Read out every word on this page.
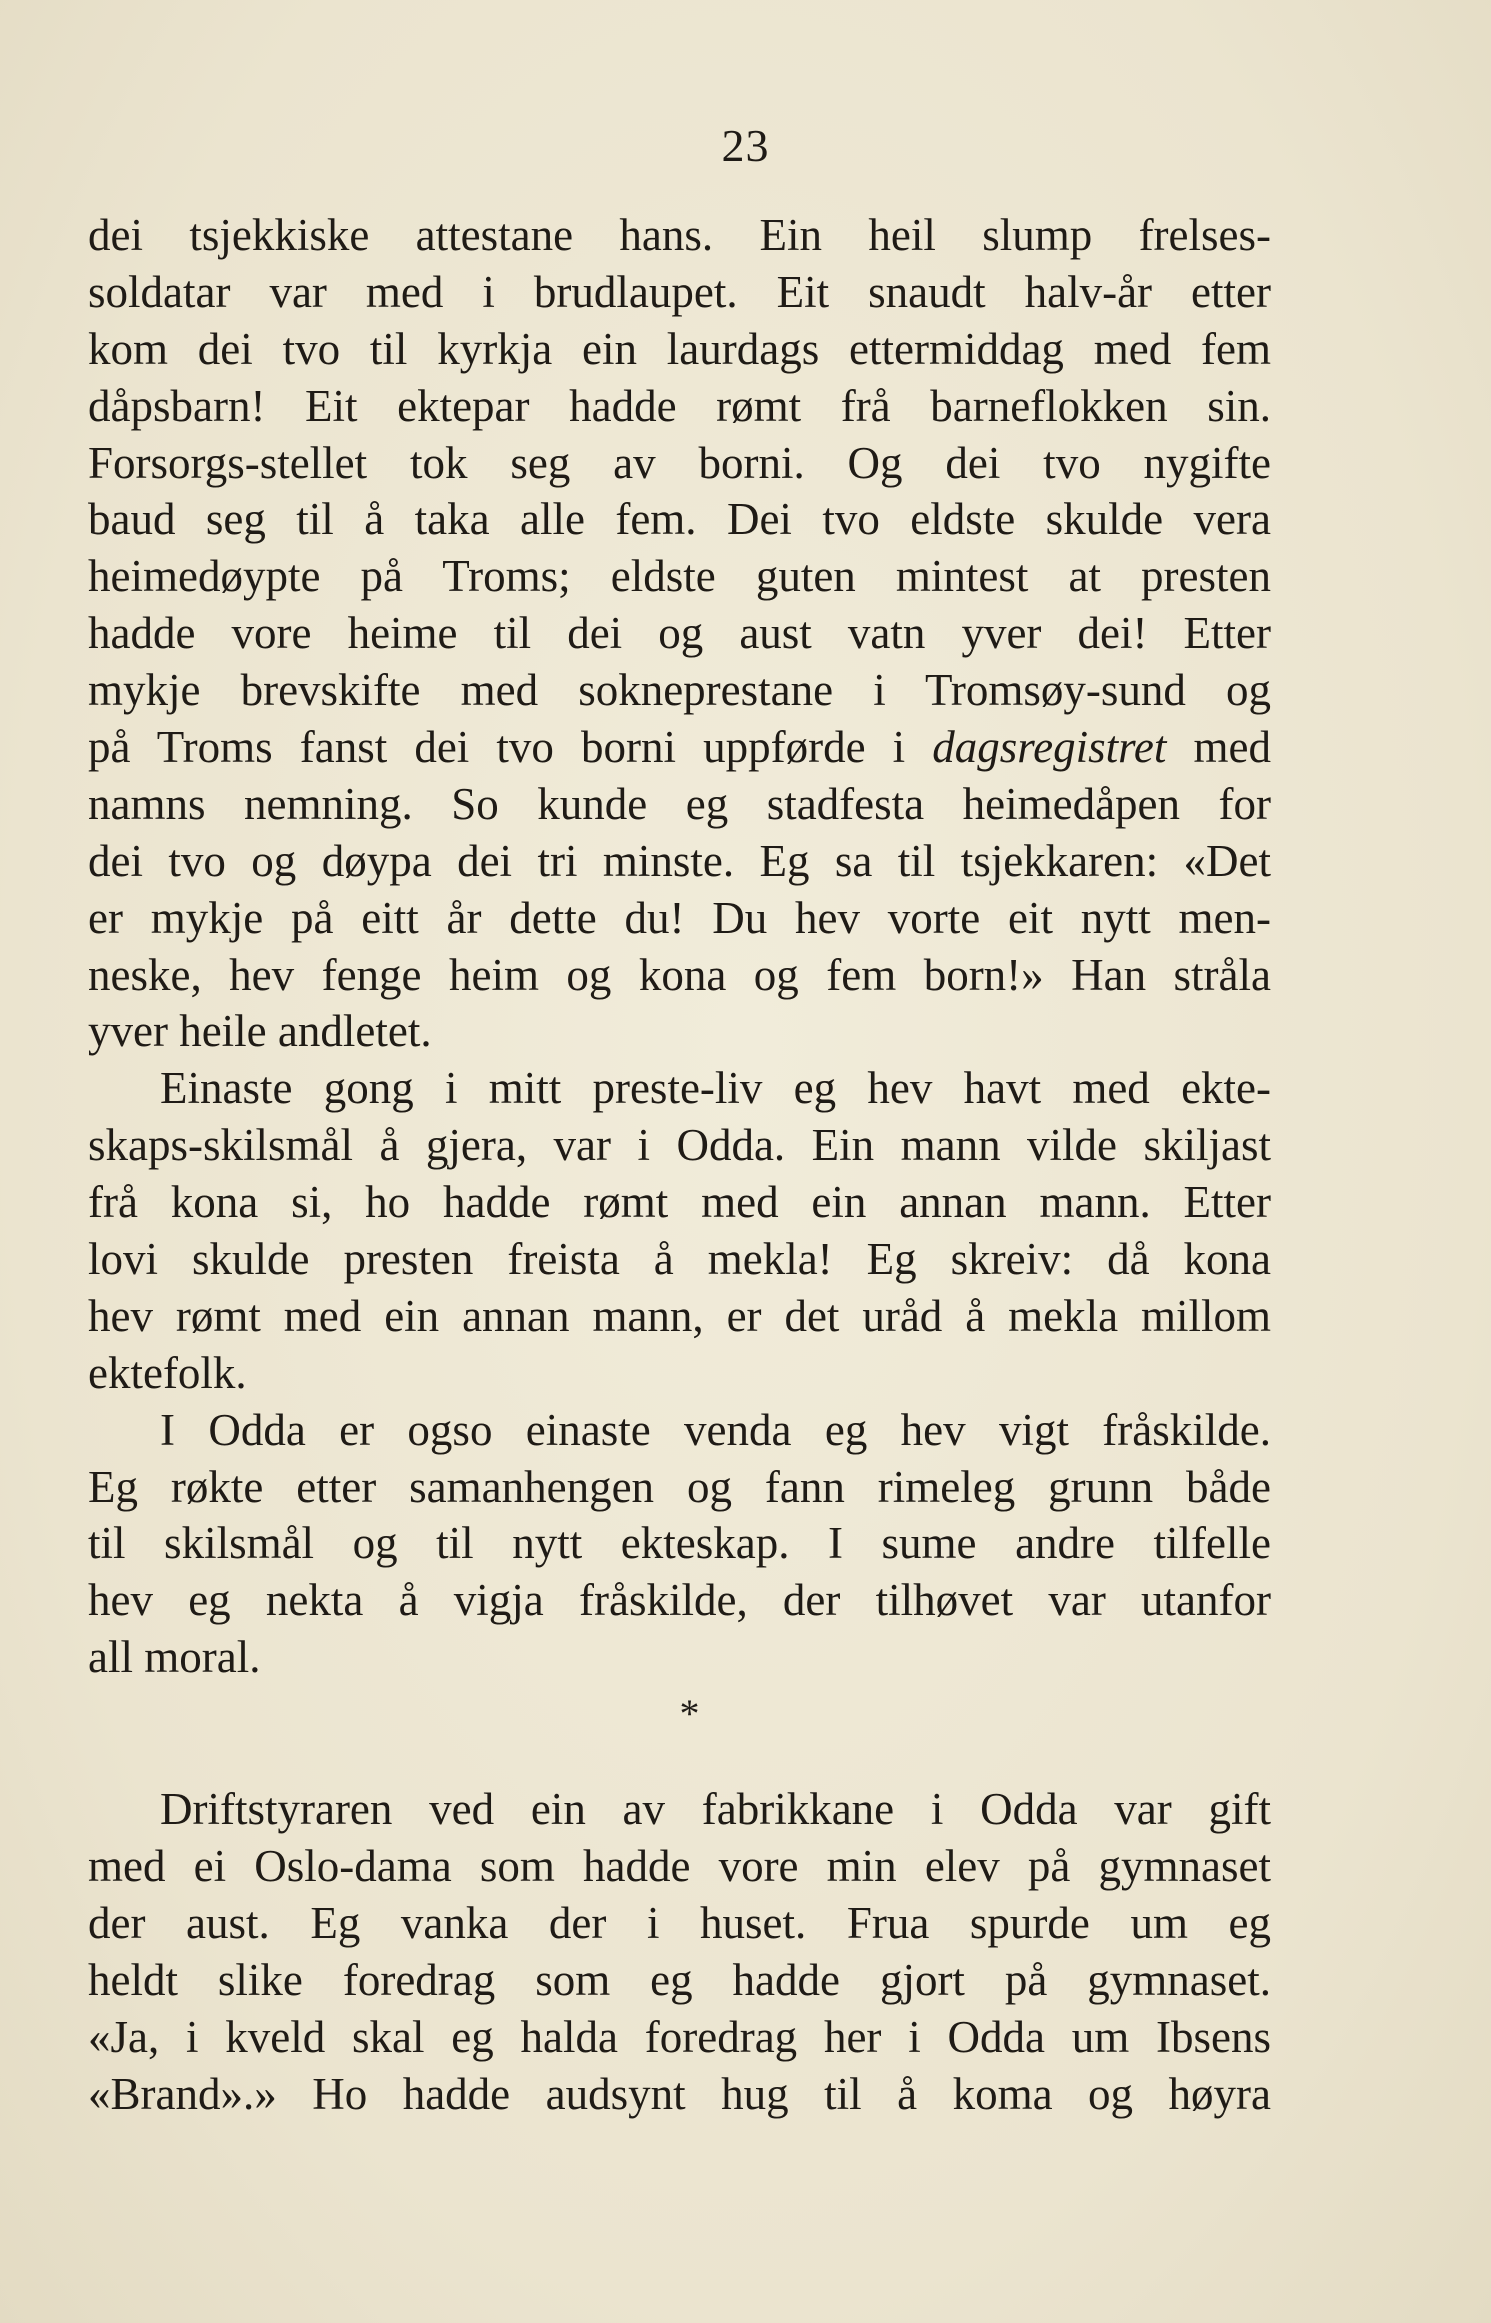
23
dei tsjekkiske attestane hans. Ein heil slump frelses-
soldatar var med i brudlaupet. Eit snaudt halv-år etter
kom dei tvo til kyrkja ein laurdags ettermiddag med fem
dåpsbarn! Eit ektepar hadde rømt frå barneflokken sin.
Forsorgs-stellet tok seg av borni. Og dei tvo nygifte
baud seg til å taka alle fem. Dei tvo eldste skulde vera
heimedøypte på Troms; eldste guten mintest at presten
hadde vore heime til dei og aust vatn yver dei! Etter
mykje brevskifte med sokneprestane i Tromsøy-sund og
på Troms fanst dei tvo borni uppførde i dagsregistret med
namns nemning. So kunde eg stadfesta heimedåpen for
dei tvo og døypa dei tri minste. Eg sa til tsjekkaren: «Det
er mykje på eitt år dette du! Du hev vorte eit nytt men-
neske, hev fenge heim og kona og fem born!» Han stråla
yver heile andletet.
Einaste gong i mitt preste-liv eg hev havt med ekte-
skaps-skilsmål å gjera, var i Odda. Ein mann vilde skiljast
frå kona si, ho hadde rømt med ein annan mann. Etter
lovi skulde presten freista å mekla! Eg skreiv: då kona
hev rømt med ein annan mann, er det uråd å mekla millom
ektefolk.
I Odda er ogso einaste venda eg hev vigt fråskilde.
Eg røkte etter samanhengen og fann rimeleg grunn både
til skilsmål og til nytt ekteskap. I sume andre tilfelle
hev eg nekta å vigja fråskilde, der tilhøvet var utanfor
all moral.
*
Driftstyraren ved ein av fabrikkane i Odda var gift
med ei Oslo-dama som hadde vore min elev på gymnaset
der aust. Eg vanka der i huset. Frua spurde um eg
heldt slike foredrag som eg hadde gjort på gymnaset.
«Ja, i kveld skal eg halda foredrag her i Odda um Ibsens
«Brand».» Ho hadde audsynt hug til å koma og høyra
